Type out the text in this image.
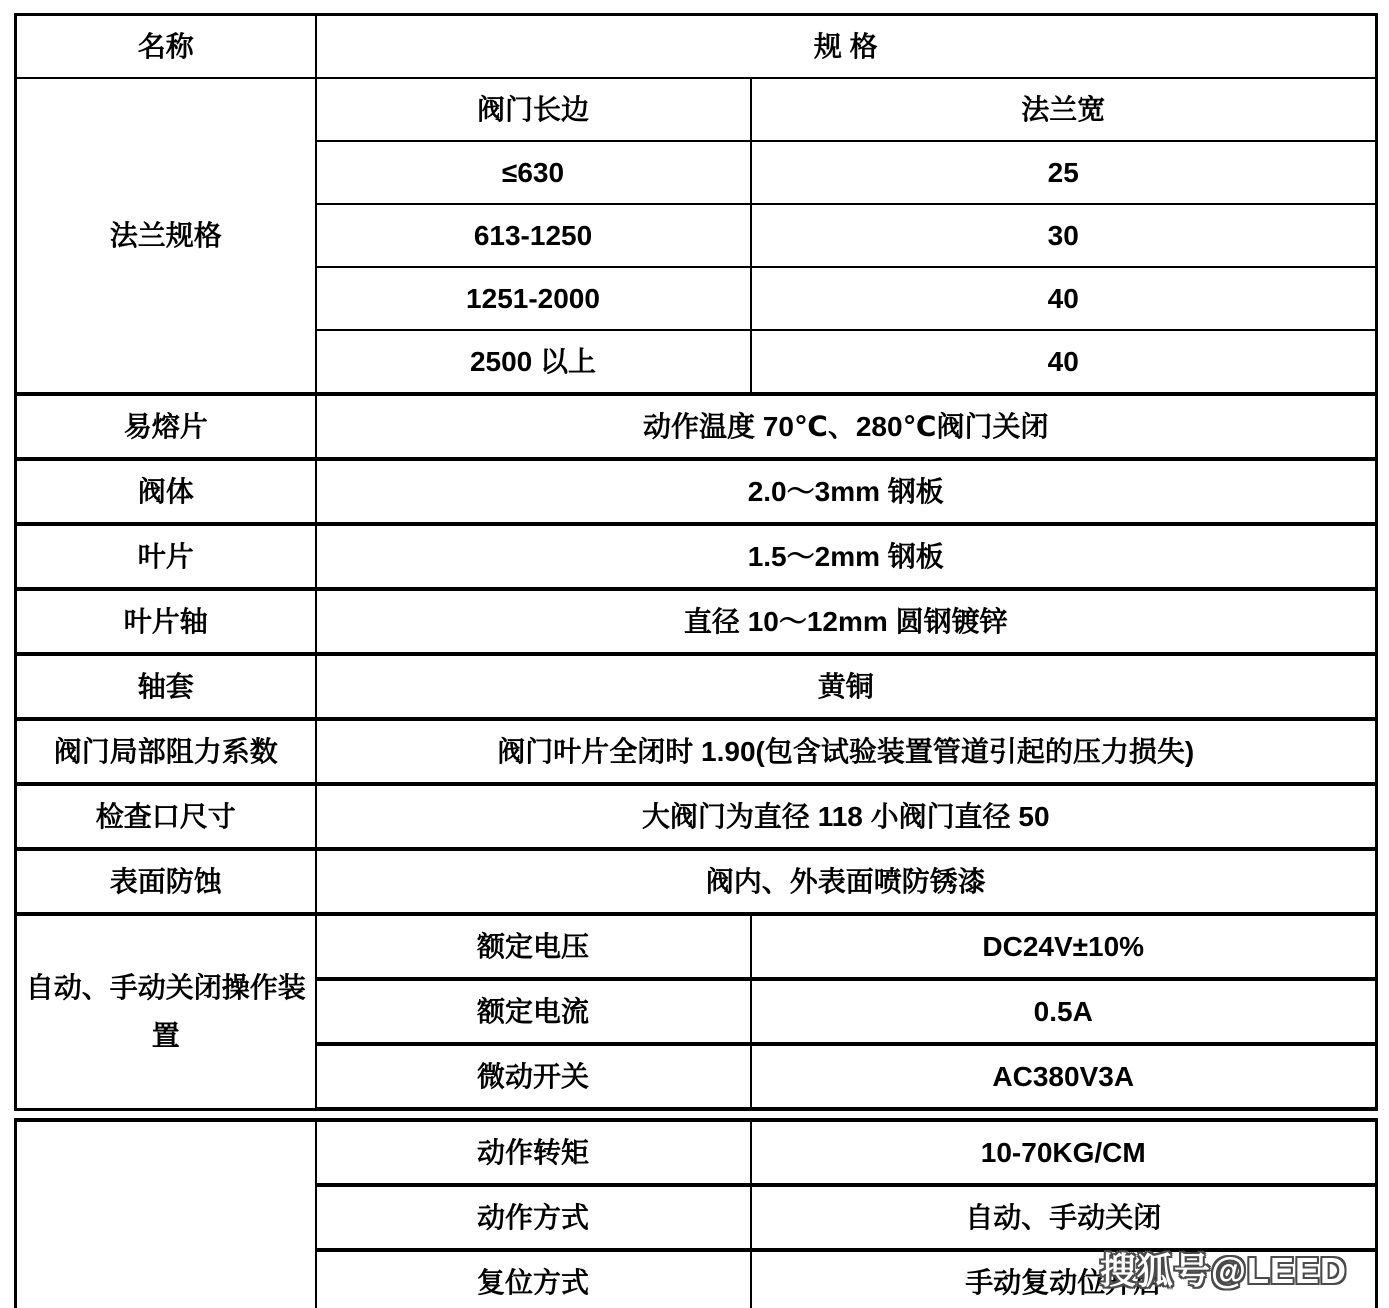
名称	规 格	
法兰规格	阀门长边	法兰宽
	≤630	25
	613-1250	30
	1251-2000	40
	2500 以上	40
易熔片	动作温度 70℃、280℃阀门关闭	
阀体	2.0～3mm 钢板	
叶片	1.5～2mm 钢板	
叶片轴	直径 10～12mm 圆钢镀锌	
轴套	黄铜	
阀门局部阻力系数	阀门叶片全闭时 1.90(包含试验装置管道引起的压力损失)	
检查口尺寸	大阀门为直径 118 小阀门直径 50	
表面防蚀	阀内、外表面喷防锈漆	
自动、手动关闭操作装置	额定电压	DC24V±10%
	额定电流	0.5A
	微动开关	AC380V3A
	动作转矩	10-70KG/CM
	动作方式	自动、手动关闭
	复位方式	手动复动位开启
搜狐号@LEED
